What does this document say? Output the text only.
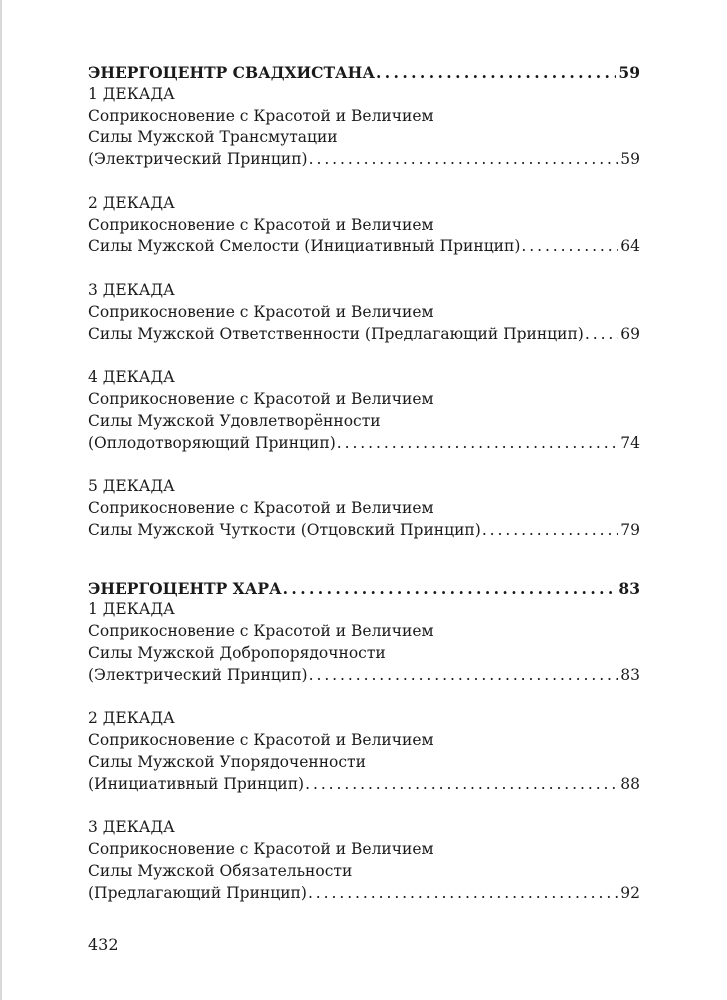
ЭНЕРГОЦЕНТР СВАДХИСТАНА . . .	59
1 ДЕКАДА
Соприкосновение с Красотой и Величием
Силы Мужской Трансмутации
(Электрический Принцип) . . .	59
2 ДЕКАДА
Соприкосновение с Красотой и Величием
Силы Мужской Смелости (Инициативный Принцип) . . .	64
3 ДЕКАДА
Соприкосновение с Красотой и Величием
Силы Мужской Ответственности (Предлагающий Принцип) . . . 69
4 ДЕКАДА
Соприкосновение с Красотой и Величием
Силы Мужской Удовлетворённости
(Оплодотворяющий Принцип) . . .	74
5 ДЕКАДА
Соприкосновение с Красотой и Величием
Силы Мужской Чуткости (Отцовский Принцип) . . .	79
ЭНЕРГОЦЕНТР ХАРА . . .	83
1 ДЕКАДА
Соприкосновение с Красотой и Величием
Силы Мужской Добропорядочности
(Электрический Принцип) . . .	83
2 ДЕКАДА
Соприкосновение с Красотой и Величием
Силы Мужской Упорядоченности
(Инициативный Принцип) . . .	88
3 ДЕКАДА
Соприкосновение с Красотой и Величием
Силы Мужской Обязательности
(Предлагающий Принцип) . . .	92
432
